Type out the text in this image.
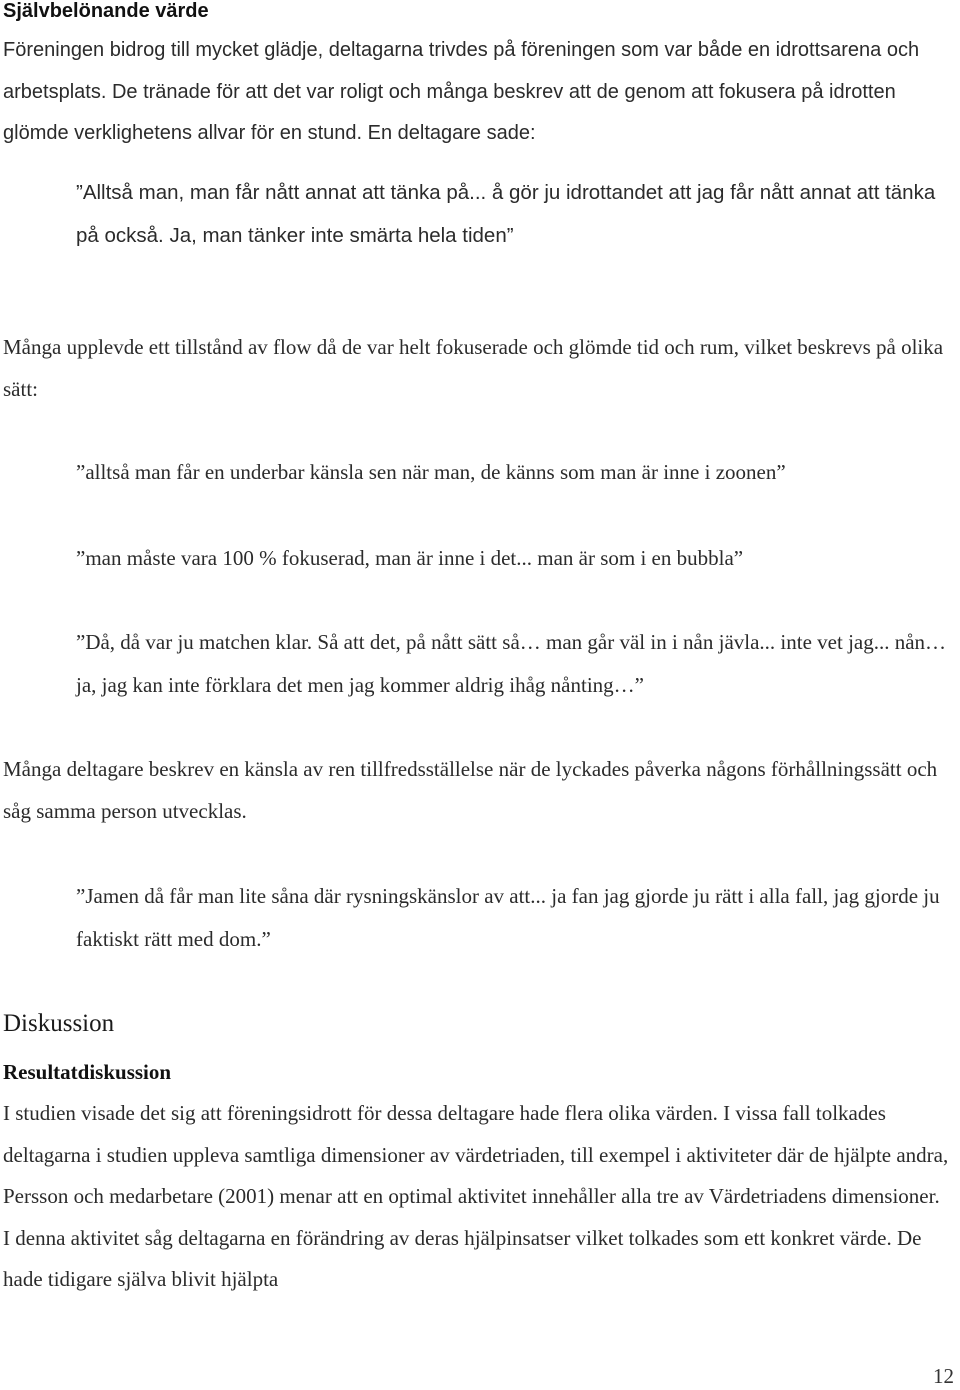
Självbelönande värde
Föreningen bidrog till mycket glädje, deltagarna trivdes på föreningen som var både en idrottsarena och arbetsplats. De tränade för att det var roligt och många beskrev att de genom att fokusera på idrotten glömde verklighetens allvar för en stund. En deltagare sade:
”Alltså man, man får nått annat att tänka på... å gör ju idrottandet att jag får nått annat att tänka på också. Ja, man tänker inte smärta hela tiden”
Många upplevde ett tillstånd av flow då de var helt fokuserade och glömde tid och rum, vilket beskrevs på olika sätt:
”alltså man får en underbar känsla sen när man, de känns som man är inne i zoonen”
”man måste vara 100 % fokuserad, man är inne i det... man är som i en bubbla”
”Då, då var ju matchen klar. Så att det, på nått sätt så… man går väl in i nån jävla... inte vet jag... nån… ja, jag kan inte förklara det men jag kommer aldrig ihåg nånting…”
Många deltagare beskrev en känsla av ren tillfredsställelse när de lyckades påverka någons förhållningssätt och såg samma person utvecklas.
”Jamen då får man lite såna där rysningskänslor av att... ja fan jag gjorde ju rätt i alla fall, jag gjorde ju faktiskt rätt med dom.”
Diskussion
Resultatdiskussion
I studien visade det sig att föreningsidrott för dessa deltagare hade flera olika värden. I vissa fall tolkades deltagarna i studien uppleva samtliga dimensioner av värdetriaden, till exempel i aktiviteter där de hjälpte andra, Persson och medarbetare (2001) menar att en optimal aktivitet innehåller alla tre av Värdetriadens dimensioner. I denna aktivitet såg deltagarna en förändring av deras hjälpinsatser vilket tolkades som ett konkret värde. De hade tidigare själva blivit hjälpta
12
